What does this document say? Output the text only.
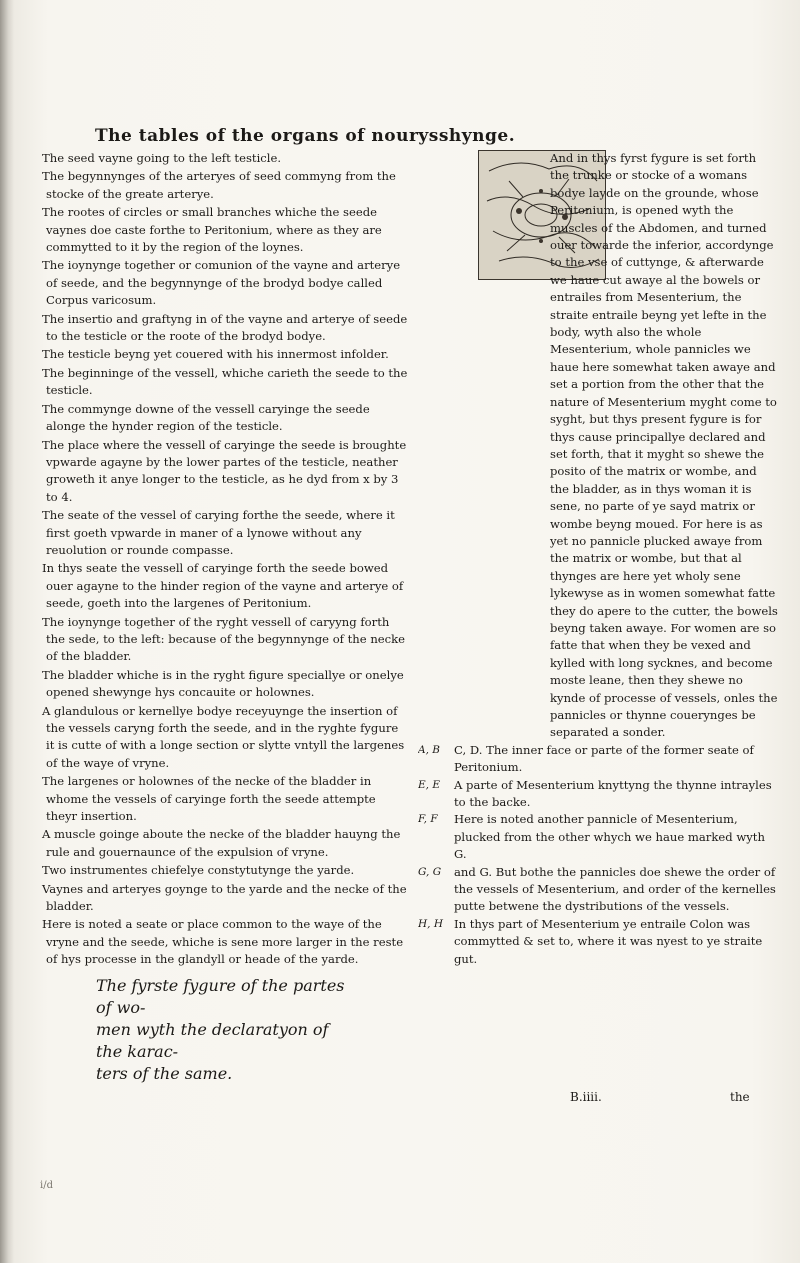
The tables of the organs of nourysshynge.

The seed vayne going to the left testicle.

The begynnynges of the arteryes of seed commyng from the stocke of the greate arterye.

The rootes of circles or small branches whiche the seede vaynes doe caste forthe to Peritonium, where as they are commytted to it by the region of the loynes.

The ioynynge together or comunion of the vayne and arterye of seede, and the begynnynge of the brodyd bodye called Corpus varicosum.

The insertio and graftyng in of the vayne and arterye of seede to the testicle or the roote of the brodyd bodye.

The testicle beyng yet couered with his innermost infolder.

The beginninge of the vessell, whiche carieth the seede to the testicle.

The commynge downe of the vessell caryinge the seede alonge the hynder region of the testicle.

The place where the vessell of caryinge the seede is broughte vpwarde agayne by the lower partes of the testicle, neather groweth it anye longer to the testicle, as he dyd from x by 3 to 4.

The seate of the vessel of carying forthe the seede, where it first goeth vpwarde in maner of a lynowe without any reuolution or rounde compasse.

In thys seate the vessell of caryinge forth the seede bowed ouer agayne to the hinder region of the vayne and arterye of seede, goeth into the largenes of Peritonium.

The ioynynge together of the ryght vessell of caryyng forth the sede, to the left: because of the begynnynge of the necke of the bladder.

The bladder whiche is in the ryght figure speciallye or onelye opened shewynge hys concauite or holownes.

A glandulous or kernellye bodye receyuynge the insertion of the vessels caryng forth the seede, and in the ryghte fygure it is cutte of with a longe section or slytte vntyll the largenes of the waye of vryne.

The largenes or holownes of the necke of the bladder in whome the vessels of caryinge forth the seede attempte theyr insertion.

A muscle goinge aboute the necke of the bladder hauyng the rule and gouernaunce of the expulsion of vryne.

Two instrumentes chiefelye constytutynge the yarde.

Vaynes and arteryes goynge to the yarde and the necke of the bladder.

Here is noted a seate or place common to the waye of the vryne and the seede, whiche is sene more larger in the reste of hys processe in the glandyll or heade of the yarde.

The fyrste fygure of the partes of wo-
men wyth the declaratyon of the karac-
ters of the same.

And in thys fyrst fygure is set forth the trunke or stocke of a womans bodye layde on the grounde, whose Peritonium, is opened wyth the muscles of the Abdomen, and turned ouer towarde the inferior, accordynge to the vse of cuttynge, & afterwarde we haue cut awaye al the bowels or entrailes from Mesenterium, the straite entraile beyng yet lefte in the body, wyth also the whole Mesenterium, whole pannicles we haue here somewhat taken awaye and set a portion from the other that the nature of Mesenterium myght come to syght, but thys present fygure is for thys cause principallye declared and set forth, that it myght so shewe the posito of the matrix or wombe, and the bladder, as in thys woman it is sene, no parte of ye sayd matrix or wombe beyng moued. For here is as yet no pannicle plucked awaye from the matrix or wombe, but that al thynges are here yet wholy sene lykewyse as in women somewhat fatte they do apere to the cutter, the bowels beyng taken awaye. For women are so fatte that when they be vexed and kylled with long sycknes, and become moste leane, then they shewe no kynde of processe of vessels, onles the pannicles or thynne couerynges be separated a sonder.

A, B	C, D. The inner face or parte of the former seate of Peritonium.

E, E	A parte of Mesenterium knyttyng the thynne intrayles to the backe.

F, F	Here is noted another pannicle of Mesenterium, plucked from the other whych we haue marked wyth G.

G, G	and G. But bothe the pannicles doe shewe the order of the vessels of Mesenterium, and order of the kernelles putte betwene the dystributions of the vessels.

H, H In thys part of Mesenterium ye entraile Colon was commytted & set to, where it was nyest to ye straite gut.

B.iiii.	the
i/d
